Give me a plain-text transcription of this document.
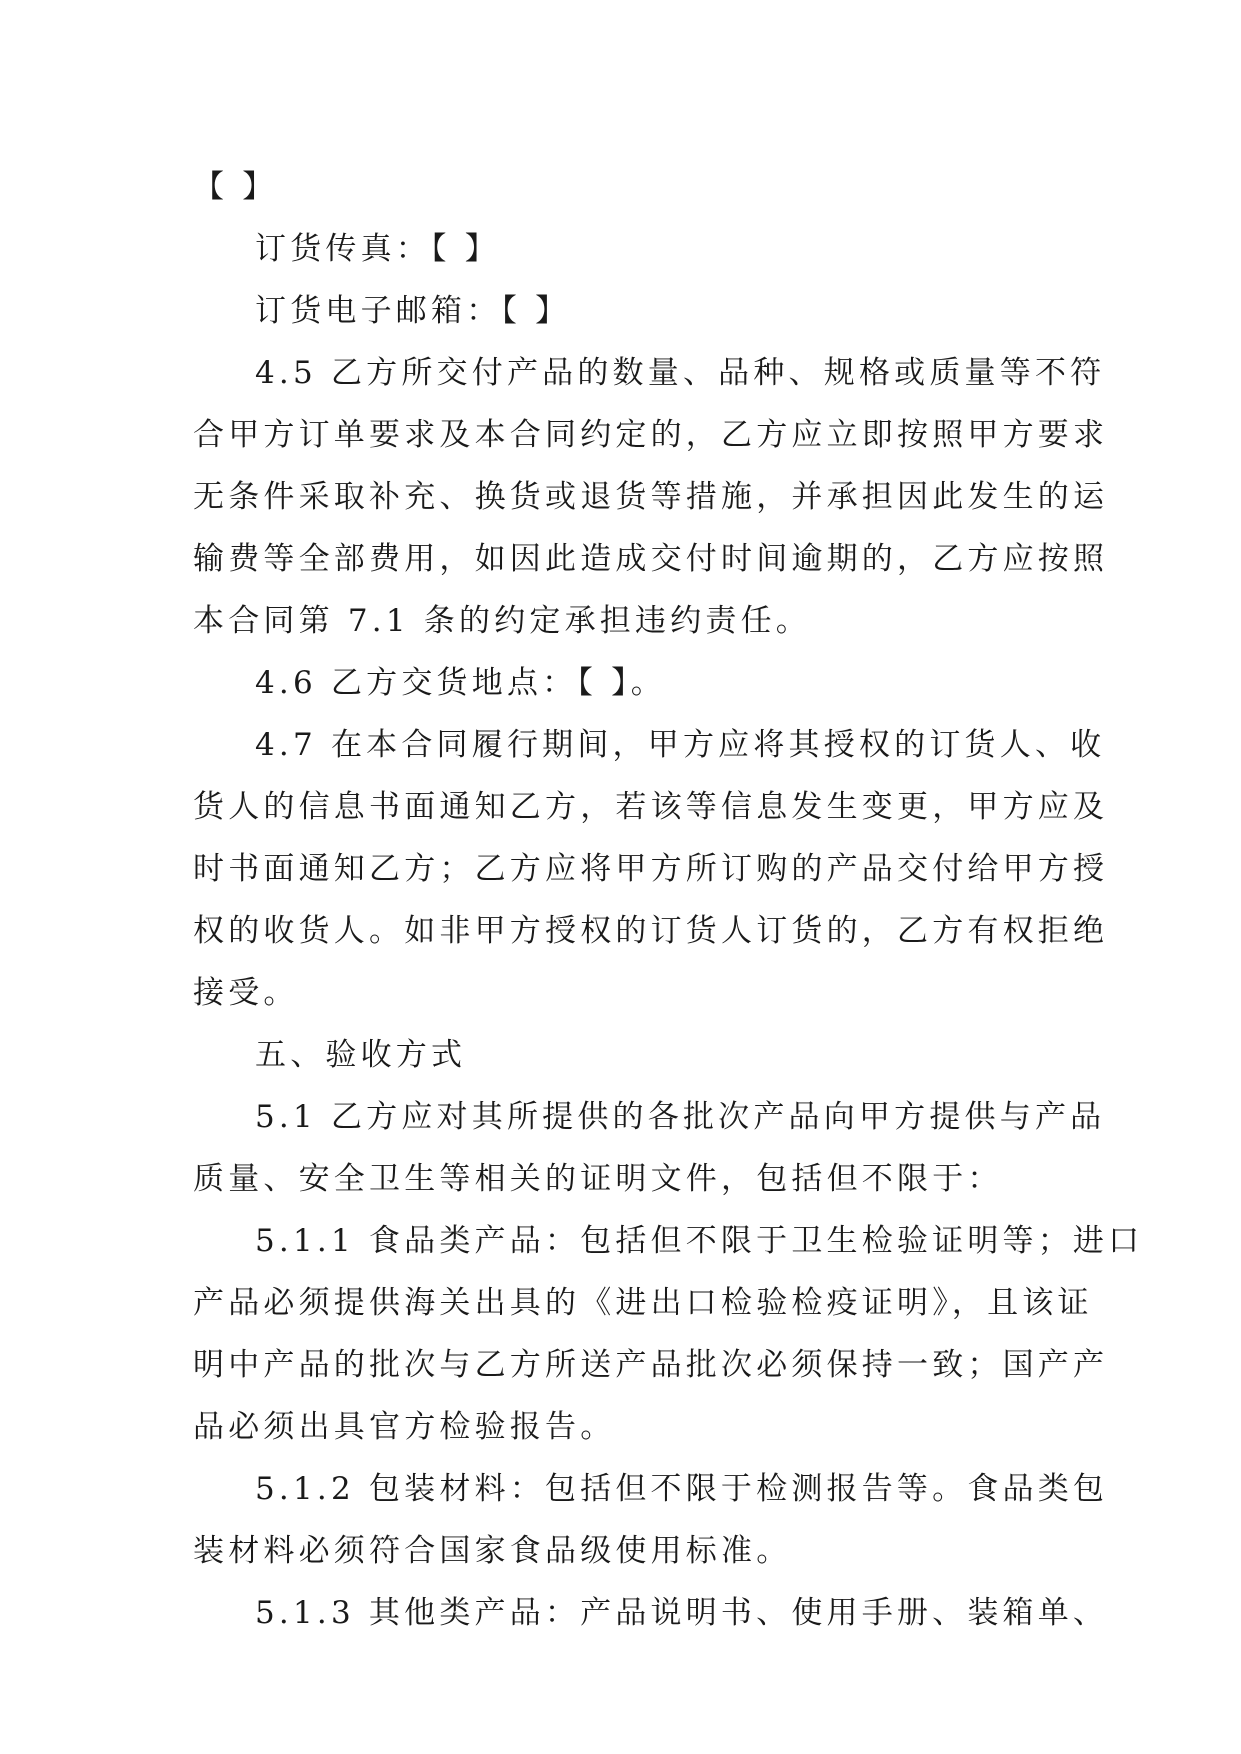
【 】
订货传真：【 】
订货电子邮箱：【 】
4.5 乙方所交付产品的数量、品种、规格或质量等不符
合甲方订单要求及本合同约定的，乙方应立即按照甲方要求
无条件采取补充、换货或退货等措施，并承担因此发生的运
输费等全部费用，如因此造成交付时间逾期的，乙方应按照
本合同第 7.1 条的约定承担违约责任。
4.6 乙方交货地点：【 】。
4.7 在本合同履行期间，甲方应将其授权的订货人、收
货人的信息书面通知乙方，若该等信息发生变更，甲方应及
时书面通知乙方；乙方应将甲方所订购的产品交付给甲方授
权的收货人。如非甲方授权的订货人订货的，乙方有权拒绝
接受。
五、验收方式
5.1 乙方应对其所提供的各批次产品向甲方提供与产品
质量、安全卫生等相关的证明文件，包括但不限于：
5.1.1 食品类产品：包括但不限于卫生检验证明等；进口
产品必须提供海关出具的《进出口检验检疫证明》，且该证
明中产品的批次与乙方所送产品批次必须保持一致；国产产
品必须出具官方检验报告。
5.1.2 包装材料：包括但不限于检测报告等。食品类包
装材料必须符合国家食品级使用标准。
5.1.3 其他类产品：产品说明书、使用手册、装箱单、
